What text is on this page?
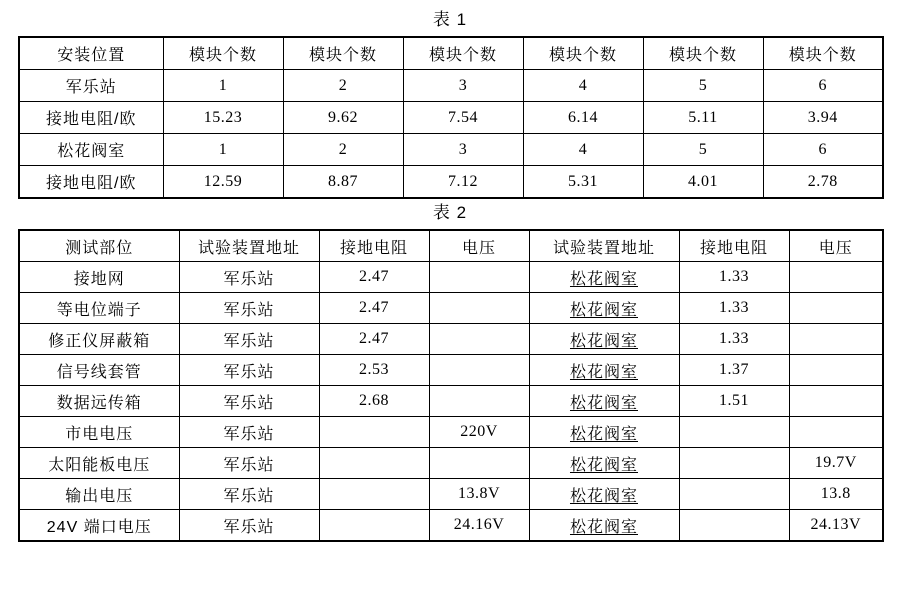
表 1
安装位置	模块个数	模块个数	模块个数	模块个数	模块个数	模块个数
军乐站	1	2	3	4	5	6
接地电阻/欧	15.23	9.62	7.54	6.14	5.11	3.94
松花阀室	1	2	3	4	5	6
接地电阻/欧	12.59	8.87	7.12	5.31	4.01	2.78
表 2
测试部位	试验装置地址	接地电阻	电压	试验装置地址	接地电阻	电压
接地网	军乐站	2.47		松花阀室	1.33	
等电位端子	军乐站	2.47		松花阀室	1.33	
修正仪屏蔽箱	军乐站	2.47		松花阀室	1.33	
信号线套管	军乐站	2.53		松花阀室	1.37	
数据远传箱	军乐站	2.68		松花阀室	1.51	
市电电压	军乐站		220V	松花阀室		
太阳能板电压	军乐站			松花阀室		19.7V
输出电压	军乐站		13.8V	松花阀室		13.8
24V 端口电压	军乐站		24.16V	松花阀室		24.13V
